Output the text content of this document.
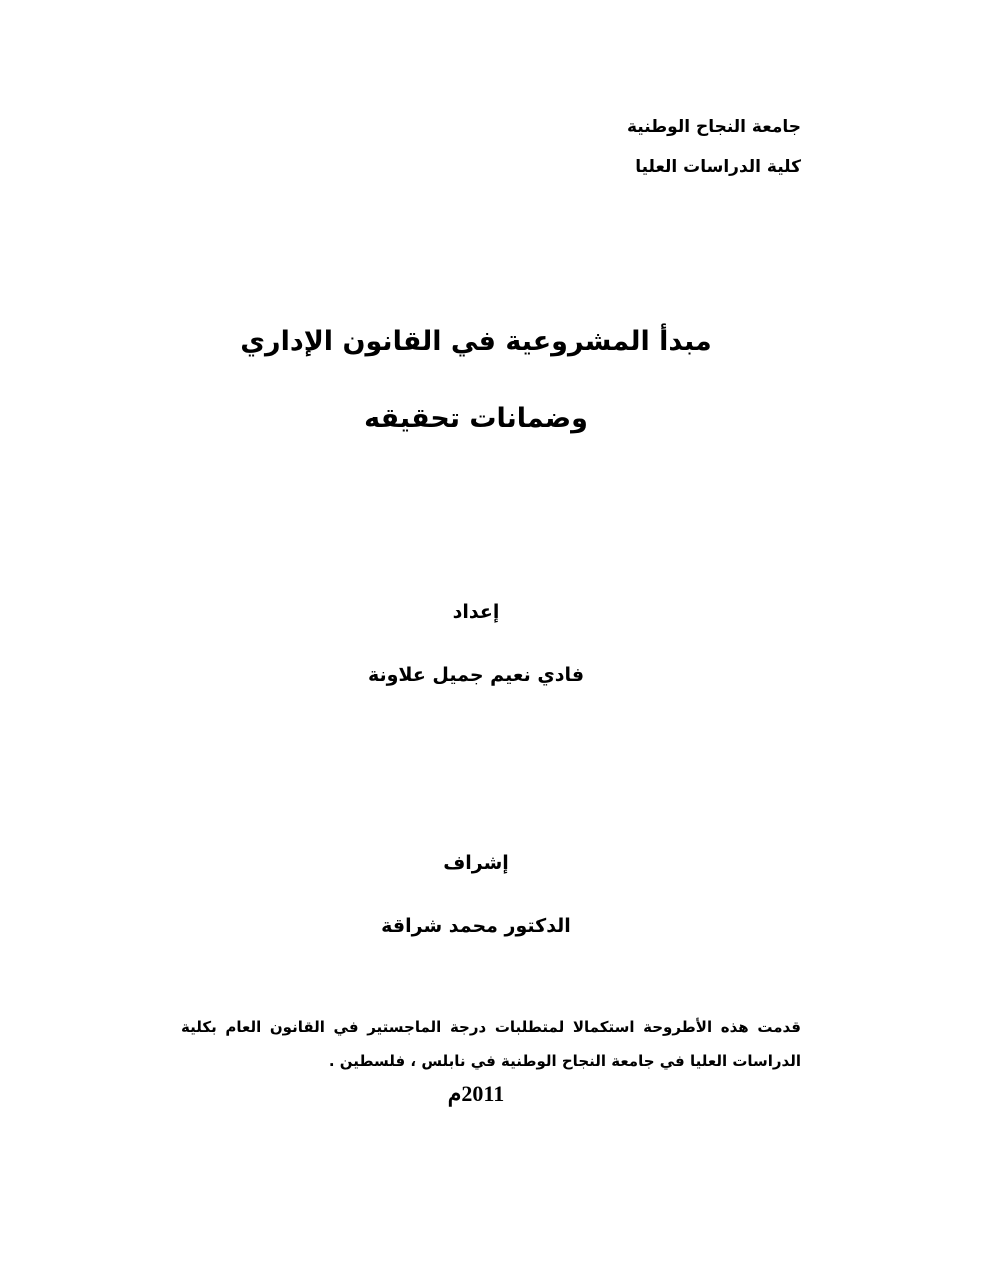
جامعة النجاح الوطنية
كلية الدراسات العليا
مبدأ المشروعية في القانون الإداري
وضمانات تحقيقه
إعداد
فادي نعيم جميل علاونة
إشراف
الدكتور محمد شراقة
قدمت هذه الأطروحة استكمالا لمتطلبات درجة الماجستير في القانون العام بكلية الدراسات العليا في جامعة النجاح الوطنية في نابلس ، فلسطين .
2011م
